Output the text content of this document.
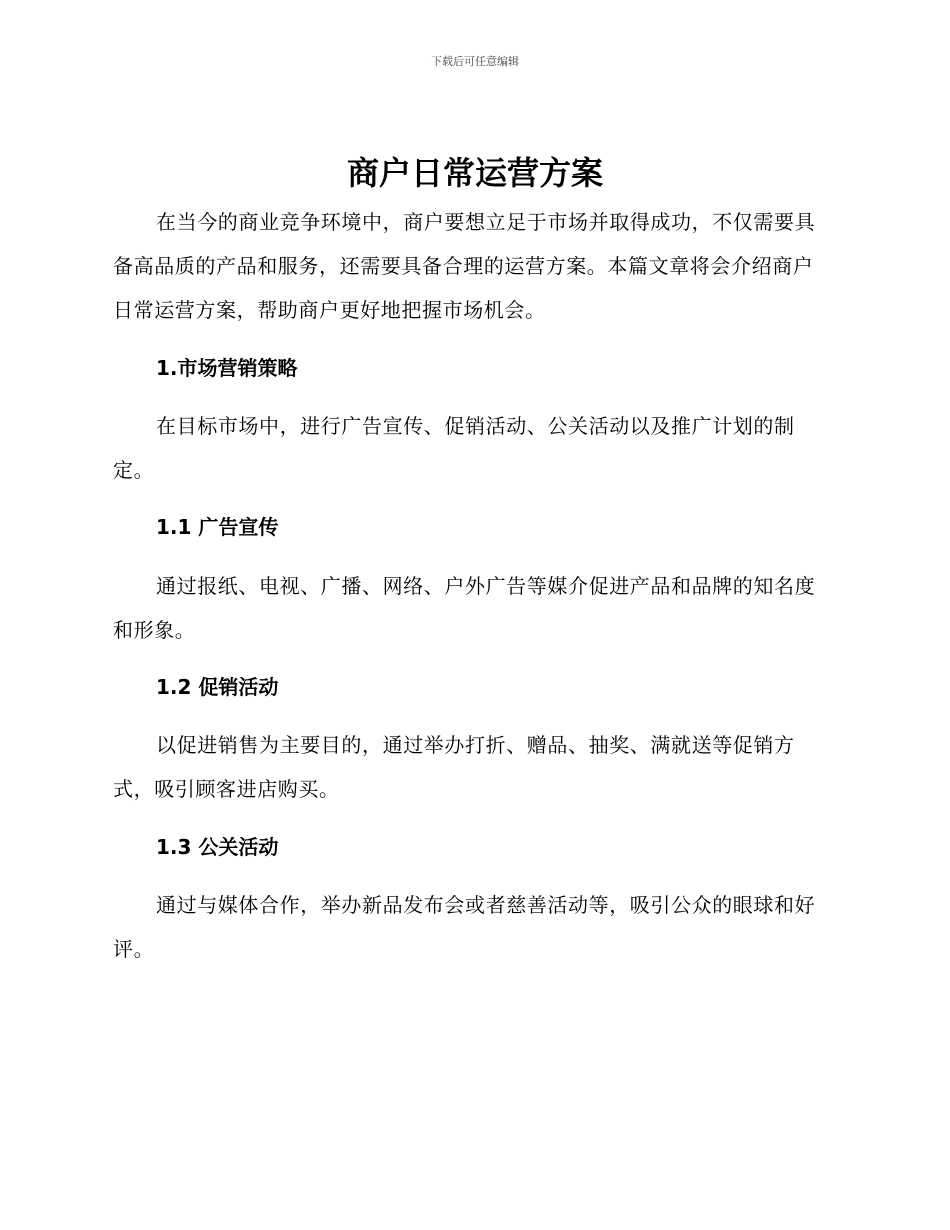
下载后可任意编辑
商户日常运营方案
在当今的商业竞争环境中，商户要想立足于市场并取得成功，不仅需要具备高品质的产品和服务，还需要具备合理的运营方案。本篇文章将会介绍商户日常运营方案，帮助商户更好地把握市场机会。
1.市场营销策略
在目标市场中，进行广告宣传、促销活动、公关活动以及推广计划的制定。
1.1 广告宣传
通过报纸、电视、广播、网络、户外广告等媒介促进产品和品牌的知名度和形象。
1.2 促销活动
以促进销售为主要目的，通过举办打折、赠品、抽奖、满就送等促销方式，吸引顾客进店购买。
1.3 公关活动
通过与媒体合作，举办新品发布会或者慈善活动等，吸引公众的眼球和好评。
